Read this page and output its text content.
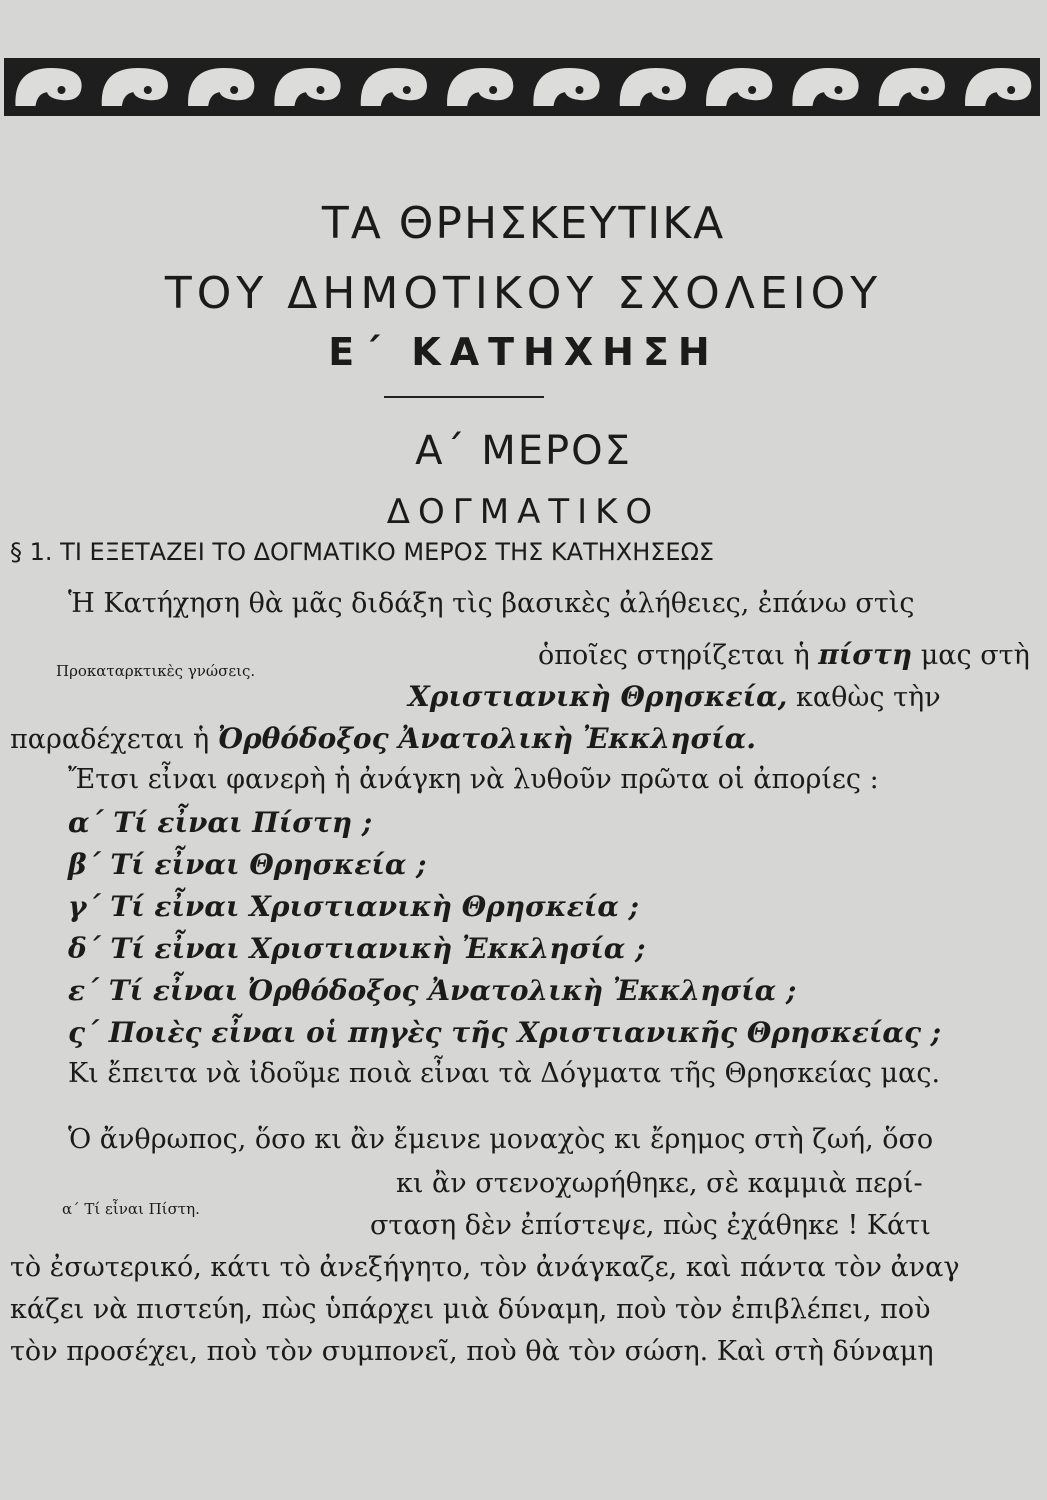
ΤΑ ΘΡΗΣΚΕΥΤΙΚΑ
ΤΟΥ ΔΗΜΟΤΙΚΟΥ ΣΧΟΛΕΙΟΥ
Ε΄ ΚΑΤΗΧΗΣΗ
Α΄ ΜΕΡΟΣ
ΔΟΓΜΑΤΙΚΟ
§ 1. ΤΙ ΕΞΕΤΑΖΕΙ ΤΟ ΔΟΓΜΑΤΙΚΟ ΜΕΡΟΣ ΤΗΣ ΚΑΤΗΧΗΣΕΩΣ
Ἡ Κατήχηση θὰ μᾶς διδάξη τὶς βασικὲς ἀλήθειες, ἐπάνω στὶς
Προκαταρκτικὲς γνώσεις.	ὁποῖες στηρίζεται ἡ πίστη μας στὴ
Χριστιανικὴ Θρησκεία, καθὼς τὴν
παραδέχεται ἡ Ὀρθόδοξος Ἀνατολικὴ Ἐκκλησία.
Ἔτσι εἶναι φανερὴ ἡ ἀνάγκη νὰ λυθοῦν πρῶτα οἱ ἀπορίες :
α΄ Τί εἶναι Πίστη ;
β΄ Τί εἶναι Θρησκεία ;
γ΄ Τί εἶναι Χριστιανικὴ Θρησκεία ;
δ΄ Τί εἶναι Χριστιανικὴ Ἐκκλησία ;
ε΄ Τί εἶναι Ὀρθόδοξος Ἀνατολικὴ Ἐκκλησία ;
ς΄ Ποιὲς εἶναι οἱ πηγὲς τῆς Χριστιανικῆς Θρησκείας ;
Κι ἔπειτα νὰ ἰδοῦμε ποιὰ εἶναι τὰ Δόγματα τῆς Θρησκείας μας.
Ὁ ἄνθρωπος, ὅσο κι ἂν ἔμεινε μοναχὸς κι ἔρημος στὴ ζωή, ὅσο
α΄ Τί εἶναι Πίστη.
κι ἂν στενοχωρήθηκε, σὲ καμμιὰ περί-
σταση δὲν ἐπίστεψε, πὼς ἐχάθηκε ! Κάτι
τὸ ἐσωτερικό, κάτι τὸ ἀνεξήγητο, τὸν ἀνάγκαζε, καὶ πάντα τὸν ἀναγ
κάζει νὰ πιστεύη, πὼς ὑπάρχει μιὰ δύναμη, ποὺ τὸν ἐπιβλέπει, ποὺ
τὸν προσέχει, ποὺ τὸν συμπονεῖ, ποὺ θὰ τὸν σώση. Καὶ στὴ δύναμη
